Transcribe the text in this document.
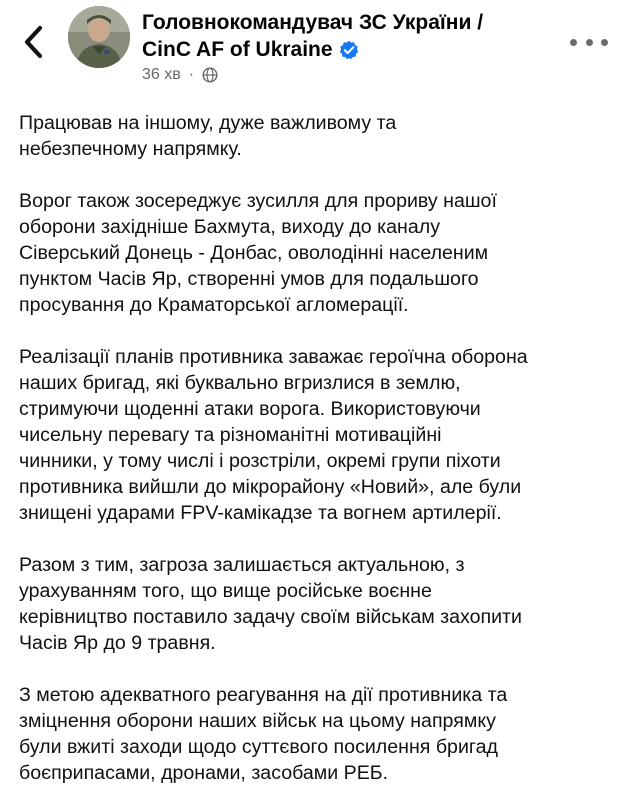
Головнокомандувач ЗС України /
CinC AF of Ukraine
36 хв ·
Працював на іншому, дуже важливому та
небезпечному напрямку.
Ворог також зосереджує зусилля для прориву нашої
оборони західніше Бахмута, виходу до каналу
Сіверський Донець - Донбас, оволодінні населеним
пунктом Часів Яр, створенні умов для подальшого
просування до Краматорської агломерації.
Реалізації планів противника заважає героїчна оборона
наших бригад, які буквально вгризлися в землю,
стримуючи щоденні атаки ворога. Використовуючи
чисельну перевагу та різноманітні мотиваційні
чинники, у тому числі і розстріли, окремі групи піхоти
противника вийшли до мікрорайону «Новий», але були
знищені ударами FPV-камікадзе та вогнем артилерії.
Разом з тим, загроза залишається актуальною, з
урахуванням того, що вище російське воєнне
керівництво поставило задачу своїм військам захопити
Часів Яр до 9 травня.
З метою адекватного реагування на дії противника та
зміцнення оборони наших військ на цьому напрямку
були вжиті заходи щодо суттєвого посилення бригад
боєприпасами, дронами, засобами РЕБ.
